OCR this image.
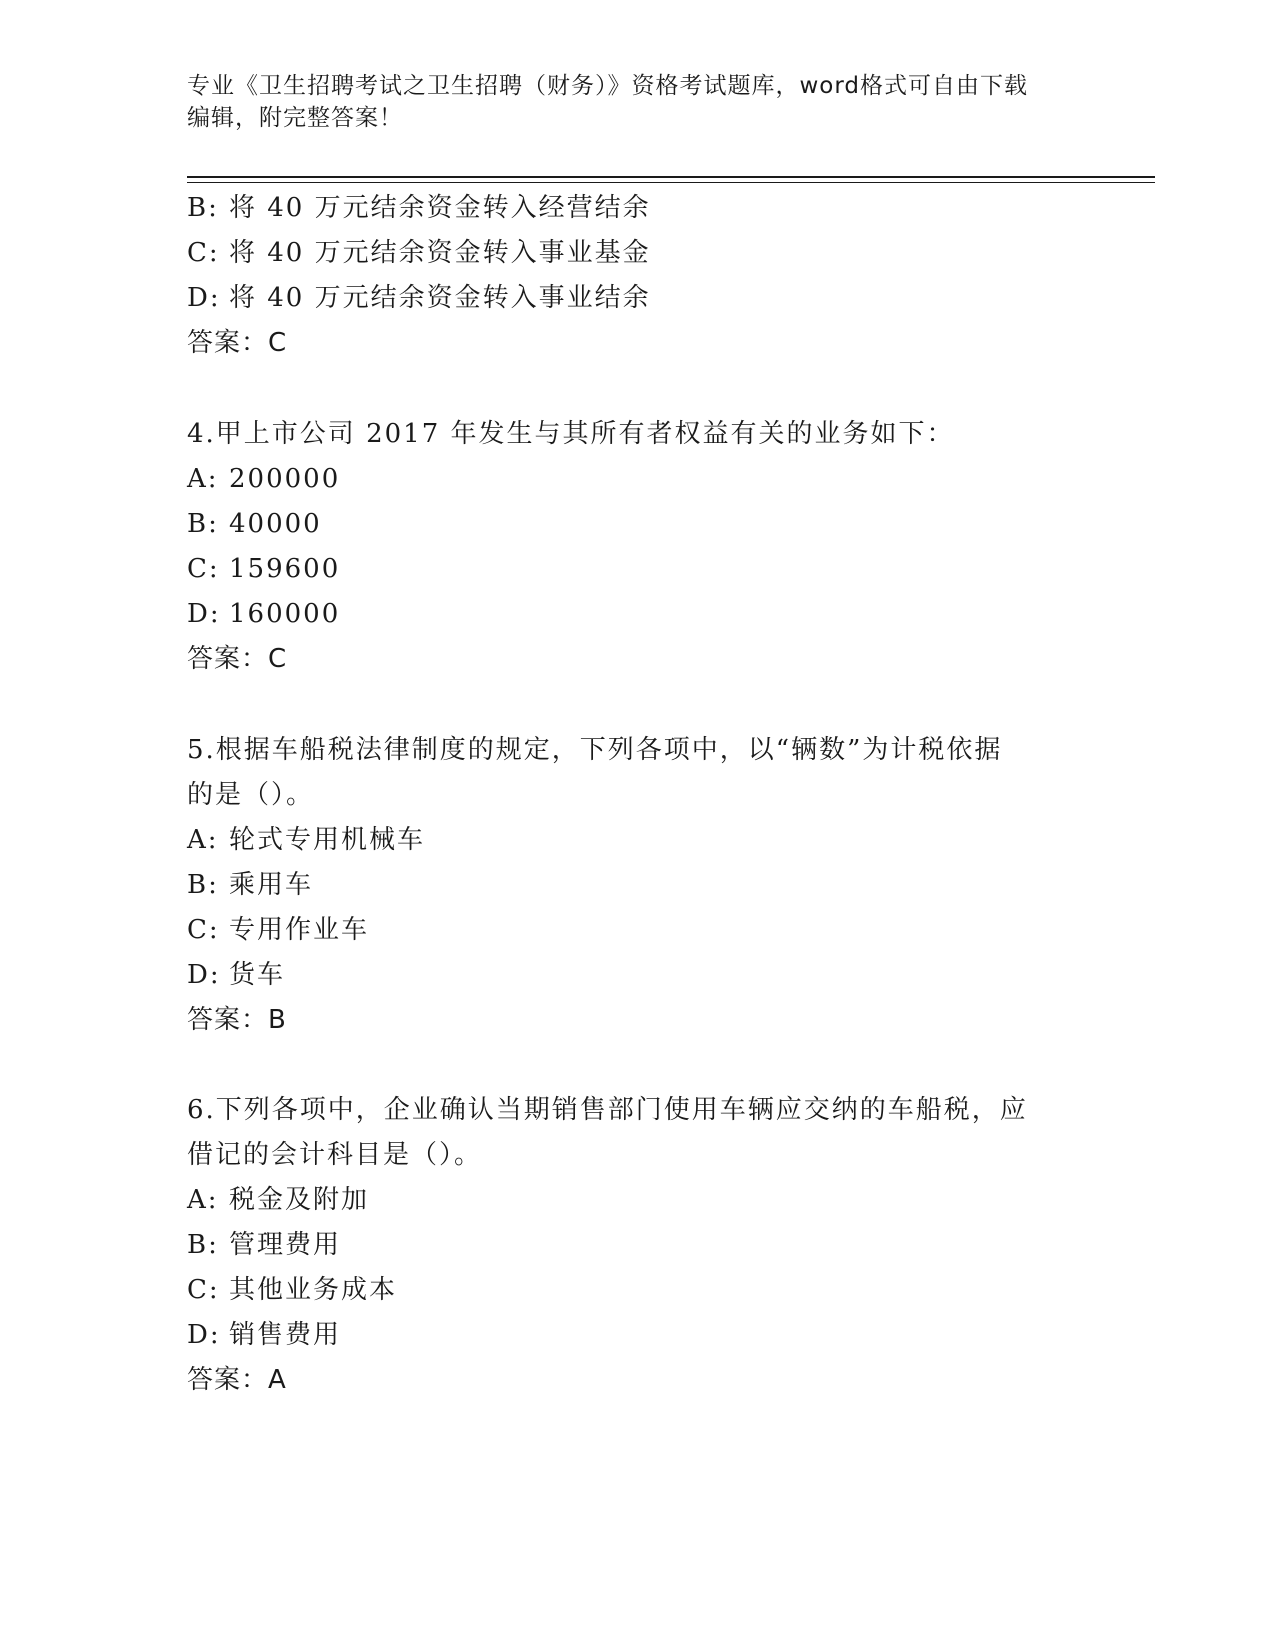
专业《卫生招聘考试之卫生招聘（财务）》资格考试题库，word格式可自由下载
编辑，附完整答案！
B: 将 40 万元结余资金转入经营结余
C: 将 40 万元结余资金转入事业基金
D: 将 40 万元结余资金转入事业结余
答案：C
4.甲上市公司 2017 年发生与其所有者权益有关的业务如下：
A: 200000
B: 40000
C: 159600
D: 160000
答案：C
5.根据车船税法律制度的规定，下列各项中，以“辆数”为计税依据
的是（）。
A: 轮式专用机械车
B: 乘用车
C: 专用作业车
D: 货车
答案：B
6.下列各项中，企业确认当期销售部门使用车辆应交纳的车船税，应
借记的会计科目是（）。
A: 税金及附加
B: 管理费用
C: 其他业务成本
D: 销售费用
答案：A
